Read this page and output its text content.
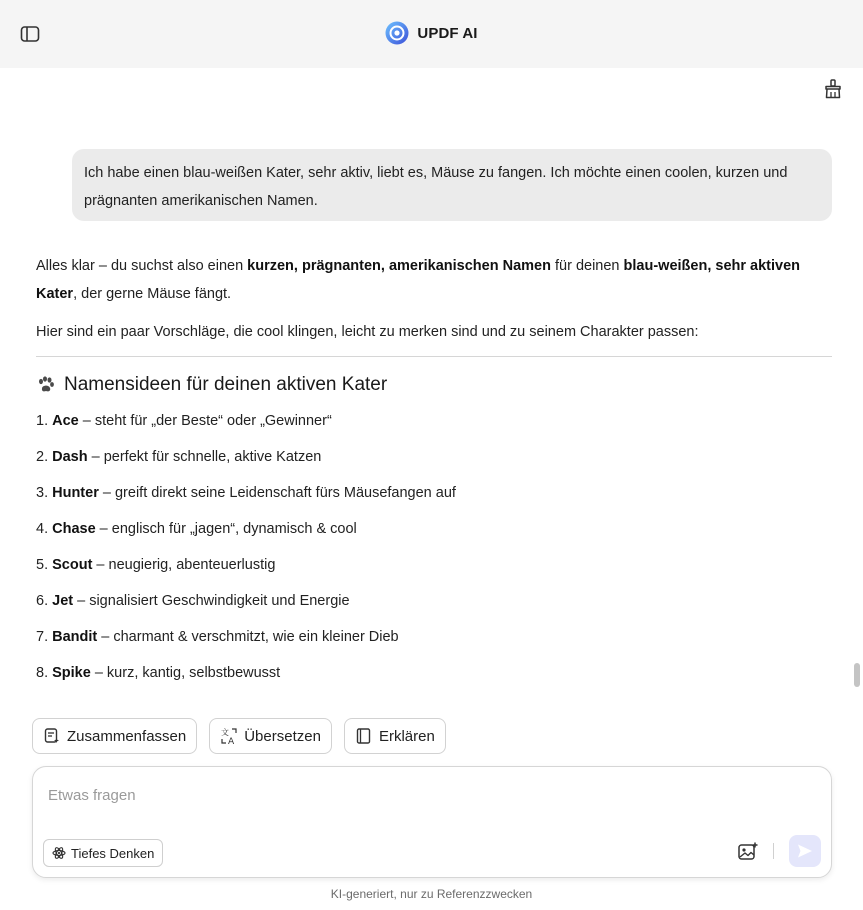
UPDF AI
Ich habe einen blau-weißen Kater, sehr aktiv, liebt es, Mäuse zu fangen. Ich möchte einen coolen, kurzen und prägnanten amerikanischen Namen.

Alles klar – du suchst also einen kurzen, prägnanten, amerikanischen Namen für deinen blau-weißen, sehr aktiven Kater, der gerne Mäuse fängt.

Hier sind ein paar Vorschläge, die cool klingen, leicht zu merken sind und zu seinem Charakter passen:

Namensideen für deinen aktiven Kater
1. Ace – steht für „der Beste“ oder „Gewinner“
2. Dash – perfekt für schnelle, aktive Katzen
3. Hunter – greift direkt seine Leidenschaft fürs Mäusefangen auf
4. Chase – englisch für „jagen“, dynamisch & cool
5. Scout – neugierig, abenteuerlustig
6. Jet – signalisiert Geschwindigkeit und Energie
7. Bandit – charmant & verschmitzt, wie ein kleiner Dieb
8. Spike – kurz, kantig, selbstbewusst
Zusammenfassen	文
A Übersetzen	Erklären
Etwas fragen
Tiefes Denken
KI-generiert, nur zu Referenzzwecken
